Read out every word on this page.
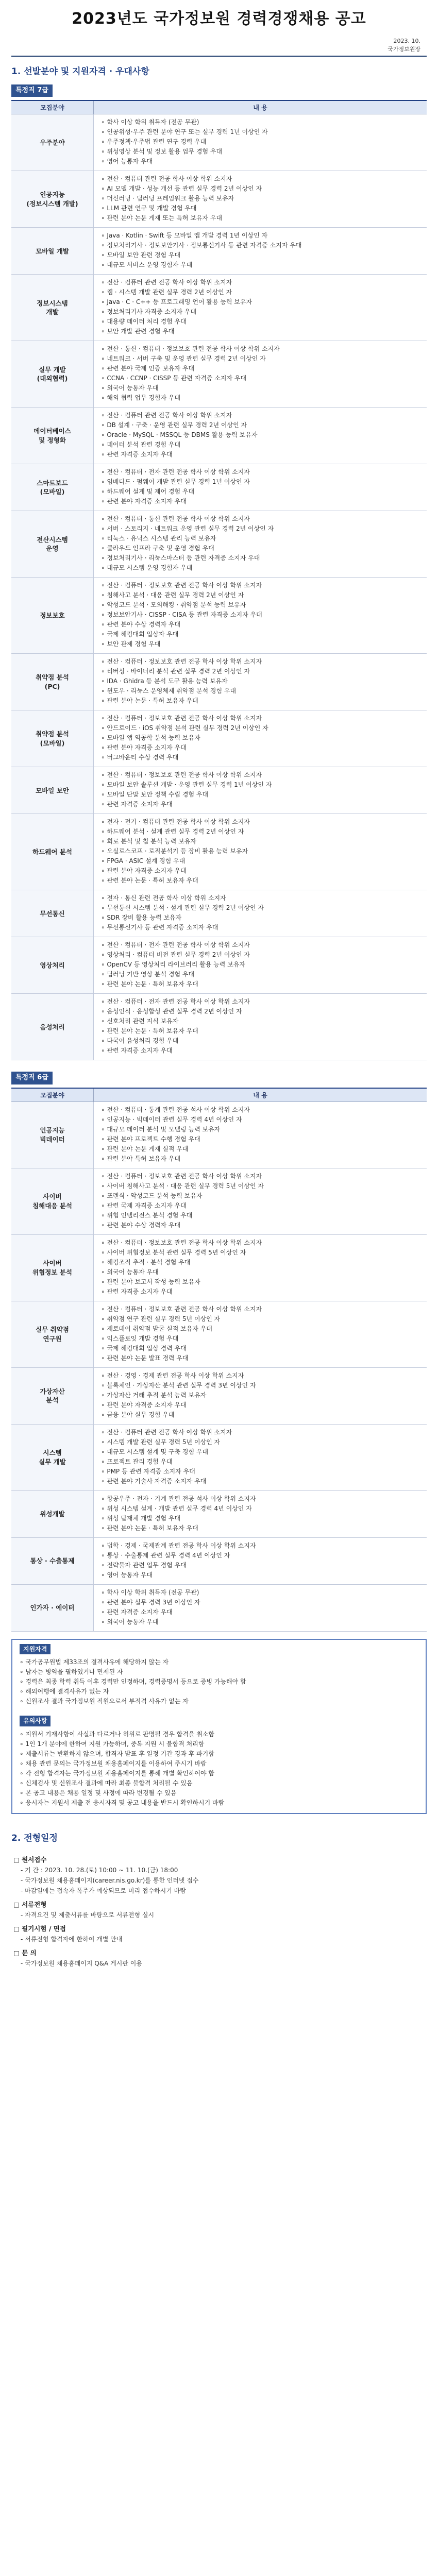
2023년도 국가정보원 경력경쟁채용 공고
2023. 10.
국가정보원장
1. 선발분야 및 지원자격 · 우대사항
특정직 7급
모집분야	내 용
우주분야
∘ 학사 이상 학위 취득자 (전공 무관)
∘ 인공위성·우주 관련 분야 연구 또는 실무 경력 1년 이상인 자
∘ 우주정책·우주법 관련 연구 경력 우대
∘ 위성영상 분석 및 정보 활용 업무 경험 우대
∘ 영어 능통자 우대
인공지능
(정보시스템 개발)
∘ 전산 · 컴퓨터 관련 전공 학사 이상 학위 소지자
∘ AI 모델 개발 · 성능 개선 등 관련 실무 경력 2년 이상인 자
∘ 머신러닝 · 딥러닝 프레임워크 활용 능력 보유자
∘ LLM 관련 연구 및 개발 경험 우대
∘ 관련 분야 논문 게재 또는 특허 보유자 우대
모바일 개발
∘ Java · Kotlin · Swift 등 모바일 앱 개발 경력 1년 이상인 자
∘ 정보처리기사 · 정보보안기사 · 정보통신기사 등 관련 자격증 소지자 우대
∘ 모바일 보안 관련 경험 우대
∘ 대규모 서비스 운영 경험자 우대
정보시스템
개발
∘ 전산 · 컴퓨터 관련 전공 학사 이상 학위 소지자
∘ 웹 · 시스템 개발 관련 실무 경력 2년 이상인 자
∘ Java · C · C++ 등 프로그래밍 언어 활용 능력 보유자
∘ 정보처리기사 자격증 소지자 우대
∘ 대용량 데이터 처리 경험 우대
∘ 보안 개발 관련 경험 우대
실무 개발
(대외협력)
∘ 전산 · 통신 · 컴퓨터 · 정보보호 관련 전공 학사 이상 학위 소지자
∘ 네트워크 · 서버 구축 및 운영 관련 실무 경력 2년 이상인 자
∘ 관련 분야 국제 인증 보유자 우대
∘ CCNA · CCNP · CISSP 등 관련 자격증 소지자 우대
∘ 외국어 능통자 우대
∘ 해외 협력 업무 경험자 우대
데이터베이스
및 정형화
∘ 전산 · 컴퓨터 관련 전공 학사 이상 학위 소지자
∘ DB 설계 · 구축 · 운영 관련 실무 경력 2년 이상인 자
∘ Oracle · MySQL · MSSQL 등 DBMS 활용 능력 보유자
∘ 데이터 분석 관련 경험 우대
∘ 관련 자격증 소지자 우대
스마트보드
(모바일)
∘ 전산 · 컴퓨터 · 전자 관련 전공 학사 이상 학위 소지자
∘ 임베디드 · 펌웨어 개발 관련 실무 경력 1년 이상인 자
∘ 하드웨어 설계 및 제어 경험 우대
∘ 관련 분야 자격증 소지자 우대
전산시스템
운영
∘ 전산 · 컴퓨터 · 통신 관련 전공 학사 이상 학위 소지자
∘ 서버 · 스토리지 · 네트워크 운영 관련 실무 경력 2년 이상인 자
∘ 리눅스 · 유닉스 시스템 관리 능력 보유자
∘ 클라우드 인프라 구축 및 운영 경험 우대
∘ 정보처리기사 · 리눅스마스터 등 관련 자격증 소지자 우대
∘ 대규모 시스템 운영 경험자 우대
정보보호
∘ 전산 · 컴퓨터 · 정보보호 관련 전공 학사 이상 학위 소지자
∘ 침해사고 분석 · 대응 관련 실무 경력 2년 이상인 자
∘ 악성코드 분석 · 모의해킹 · 취약점 분석 능력 보유자
∘ 정보보안기사 · CISSP · CISA 등 관련 자격증 소지자 우대
∘ 관련 분야 수상 경력자 우대
∘ 국제 해킹대회 입상자 우대
∘ 보안 관제 경험 우대
취약점 분석
(PC)
∘ 전산 · 컴퓨터 · 정보보호 관련 전공 학사 이상 학위 소지자
∘ 리버싱 · 바이너리 분석 관련 실무 경력 2년 이상인 자
∘ IDA · Ghidra 등 분석 도구 활용 능력 보유자
∘ 윈도우 · 리눅스 운영체제 취약점 분석 경험 우대
∘ 관련 분야 논문 · 특허 보유자 우대
취약점 분석
(모바일)
∘ 전산 · 컴퓨터 · 정보보호 관련 전공 학사 이상 학위 소지자
∘ 안드로이드 · iOS 취약점 분석 관련 실무 경력 2년 이상인 자
∘ 모바일 앱 역공학 분석 능력 보유자
∘ 관련 분야 자격증 소지자 우대
∘ 버그바운티 수상 경력 우대
모바일 보안
∘ 전산 · 컴퓨터 · 정보보호 관련 전공 학사 이상 학위 소지자
∘ 모바일 보안 솔루션 개발 · 운영 관련 실무 경력 1년 이상인 자
∘ 모바일 단말 보안 정책 수립 경험 우대
∘ 관련 자격증 소지자 우대
하드웨어 분석
∘ 전자 · 전기 · 컴퓨터 관련 전공 학사 이상 학위 소지자
∘ 하드웨어 분석 · 설계 관련 실무 경력 2년 이상인 자
∘ 회로 분석 및 칩 분석 능력 보유자
∘ 오실로스코프 · 로직분석기 등 장비 활용 능력 보유자
∘ FPGA · ASIC 설계 경험 우대
∘ 관련 분야 자격증 소지자 우대
∘ 관련 분야 논문 · 특허 보유자 우대
무선통신
∘ 전자 · 통신 관련 전공 학사 이상 학위 소지자
∘ 무선통신 시스템 분석 · 설계 관련 실무 경력 2년 이상인 자
∘ SDR 장비 활용 능력 보유자
∘ 무선통신기사 등 관련 자격증 소지자 우대
영상처리
∘ 전산 · 컴퓨터 · 전자 관련 전공 학사 이상 학위 소지자
∘ 영상처리 · 컴퓨터 비전 관련 실무 경력 2년 이상인 자
∘ OpenCV 등 영상처리 라이브러리 활용 능력 보유자
∘ 딥러닝 기반 영상 분석 경험 우대
∘ 관련 분야 논문 · 특허 보유자 우대
음성처리
∘ 전산 · 컴퓨터 · 전자 관련 전공 학사 이상 학위 소지자
∘ 음성인식 · 음성합성 관련 실무 경력 2년 이상인 자
∘ 신호처리 관련 지식 보유자
∘ 관련 분야 논문 · 특허 보유자 우대
∘ 다국어 음성처리 경험 우대
∘ 관련 자격증 소지자 우대
특정직 6급
모집분야	내 용
인공지능
빅데이터
∘ 전산 · 컴퓨터 · 통계 관련 전공 석사 이상 학위 소지자
∘ 인공지능 · 빅데이터 관련 실무 경력 4년 이상인 자
∘ 대규모 데이터 분석 및 모델링 능력 보유자
∘ 관련 분야 프로젝트 수행 경험 우대
∘ 관련 분야 논문 게재 실적 우대
∘ 관련 분야 특허 보유자 우대
사이버
침해대응 분석
∘ 전산 · 컴퓨터 · 정보보호 관련 전공 학사 이상 학위 소지자
∘ 사이버 침해사고 분석 · 대응 관련 실무 경력 5년 이상인 자
∘ 포렌식 · 악성코드 분석 능력 보유자
∘ 관련 국제 자격증 소지자 우대
∘ 위협 인텔리전스 분석 경험 우대
∘ 관련 분야 수상 경력자 우대
사이버
위협정보 분석
∘ 전산 · 컴퓨터 · 정보보호 관련 전공 학사 이상 학위 소지자
∘ 사이버 위협정보 분석 관련 실무 경력 5년 이상인 자
∘ 해킹조직 추적 · 분석 경험 우대
∘ 외국어 능통자 우대
∘ 관련 분야 보고서 작성 능력 보유자
∘ 관련 자격증 소지자 우대
실무 취약점
연구원
∘ 전산 · 컴퓨터 · 정보보호 관련 전공 학사 이상 학위 소지자
∘ 취약점 연구 관련 실무 경력 5년 이상인 자
∘ 제로데이 취약점 발굴 실적 보유자 우대
∘ 익스플로잇 개발 경험 우대
∘ 국제 해킹대회 입상 경력 우대
∘ 관련 분야 논문 발표 경력 우대
가상자산
분석
∘ 전산 · 경영 · 경제 관련 전공 학사 이상 학위 소지자
∘ 블록체인 · 가상자산 분석 관련 실무 경력 3년 이상인 자
∘ 가상자산 거래 추적 분석 능력 보유자
∘ 관련 분야 자격증 소지자 우대
∘ 금융 분야 실무 경험 우대
시스템
실무 개발
∘ 전산 · 컴퓨터 관련 전공 학사 이상 학위 소지자
∘ 시스템 개발 관련 실무 경력 5년 이상인 자
∘ 대규모 시스템 설계 및 구축 경험 우대
∘ 프로젝트 관리 경험 우대
∘ PMP 등 관련 자격증 소지자 우대
∘ 관련 분야 기술사 자격증 소지자 우대
위성개발
∘ 항공우주 · 전자 · 기계 관련 전공 석사 이상 학위 소지자
∘ 위성 시스템 설계 · 개발 관련 실무 경력 4년 이상인 자
∘ 위성 탑재체 개발 경험 우대
∘ 관련 분야 논문 · 특허 보유자 우대
통상 · 수출통제
∘ 법학 · 경제 · 국제관계 관련 전공 학사 이상 학위 소지자
∘ 통상 · 수출통제 관련 실무 경력 4년 이상인 자
∘ 전략물자 관련 업무 경험 우대
∘ 영어 능통자 우대
인가자 · 에이터
∘ 학사 이상 학위 취득자 (전공 무관)
∘ 관련 분야 실무 경력 3년 이상인 자
∘ 관련 자격증 소지자 우대
∘ 외국어 능통자 우대
지원자격
∘ 국가공무원법 제33조의 결격사유에 해당하지 않는 자
∘ 남자는 병역을 필하였거나 면제된 자
∘ 경력은 최종 학력 취득 이후 경력만 인정하며, 경력증명서 등으로 증빙 가능해야 함
∘ 해외여행에 결격사유가 없는 자
∘ 신원조사 결과 국가정보원 직원으로서 부적격 사유가 없는 자
유의사항
∘ 지원서 기재사항이 사실과 다르거나 허위로 판명될 경우 합격을 취소함
∘ 1인 1개 분야에 한하여 지원 가능하며, 중복 지원 시 불합격 처리함
∘ 제출서류는 반환하지 않으며, 합격자 발표 후 일정 기간 경과 후 파기함
∘ 채용 관련 문의는 국가정보원 채용홈페이지를 이용하여 주시기 바람
∘ 각 전형 합격자는 국가정보원 채용홈페이지를 통해 개별 확인하여야 함
∘ 신체검사 및 신원조사 결과에 따라 최종 불합격 처리될 수 있음
∘ 본 공고 내용은 채용 일정 및 사정에 따라 변경될 수 있음
∘ 응시자는 지원서 제출 전 응시자격 및 공고 내용을 반드시 확인하시기 바람
2. 전형일정
□ 원서접수
- 기 간 : 2023. 10. 28.(토) 10:00 ~ 11. 10.(금) 18:00
- 국가정보원 채용홈페이지(career.nis.go.kr)를 통한 인터넷 접수
- 마감일에는 접속자 폭주가 예상되므로 미리 접수하시기 바람
□ 서류전형
- 자격요건 및 제출서류를 바탕으로 서류전형 실시
□ 필기시험 / 면접
- 서류전형 합격자에 한하여 개별 안내
□ 문 의
- 국가정보원 채용홈페이지 Q&A 게시판 이용
